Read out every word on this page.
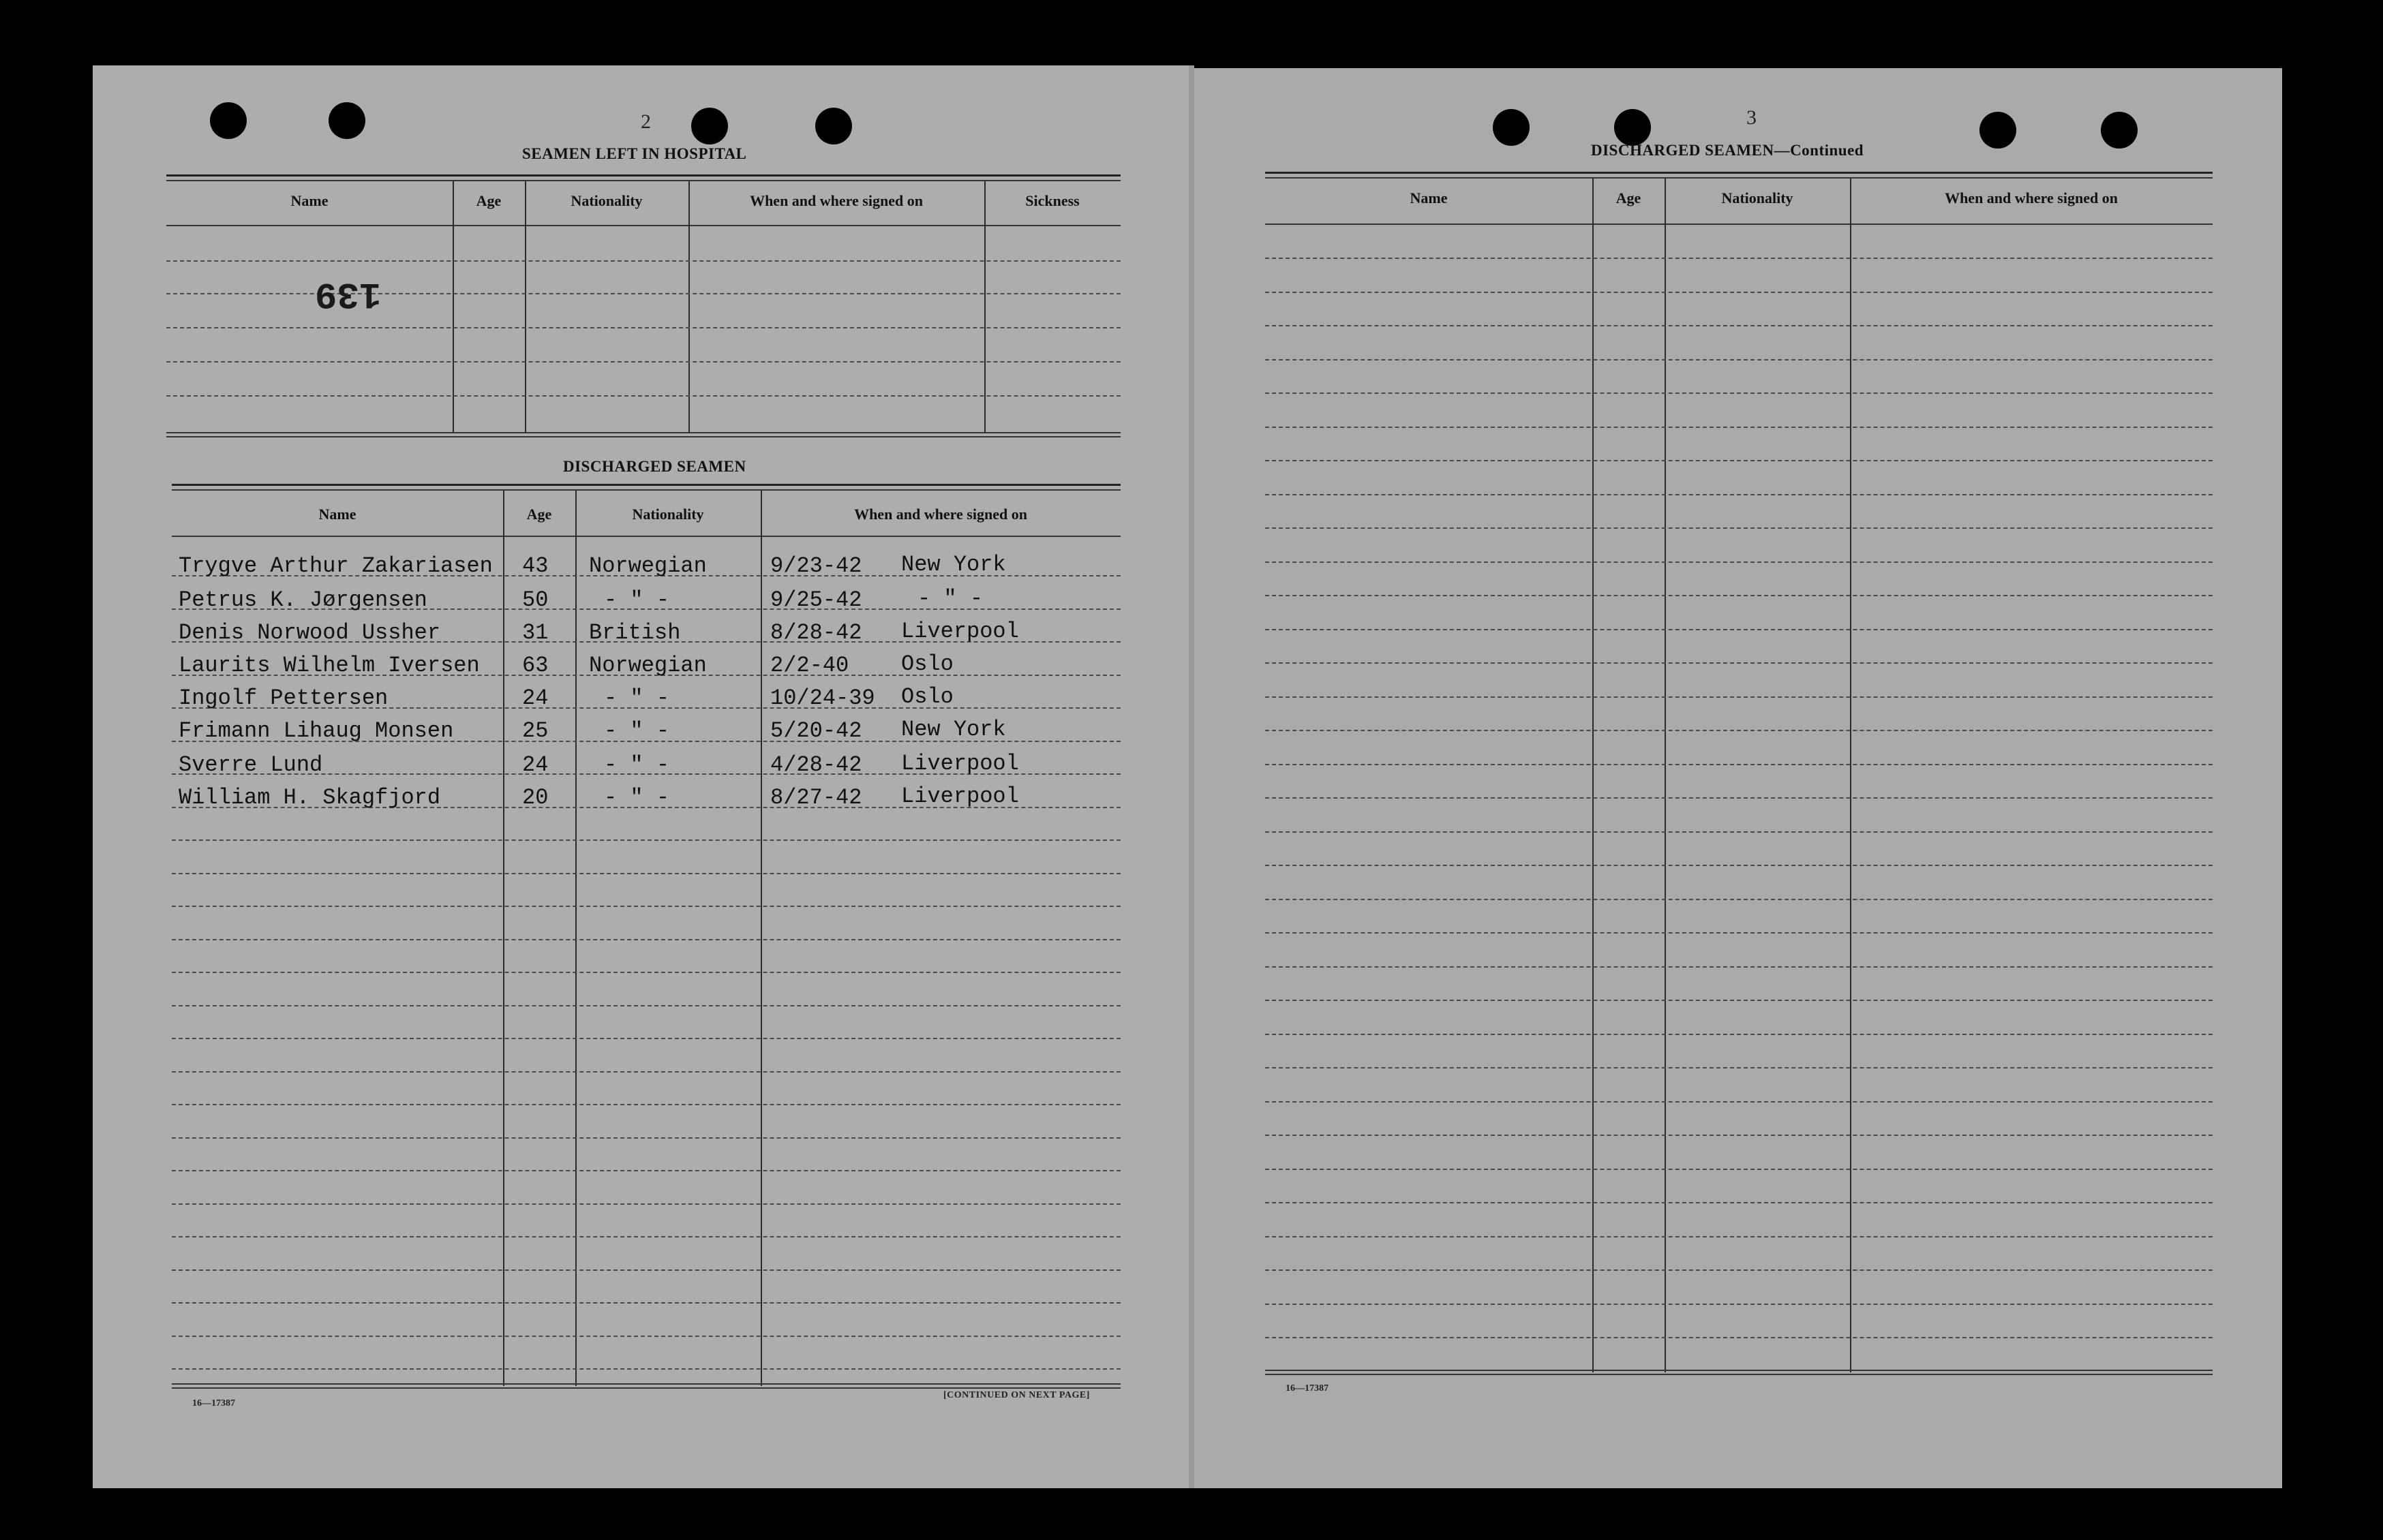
2
SEAMEN LEFT IN HOSPITAL
Name	Age	Nationality	When and where signed on	Sickness
139
DISCHARGED SEAMEN
Name	Age	Nationality	When and where signed on
Trygve Arthur Zakariasen 43 Norwegian	9/23-42 New York
Petrus K. Jørgensen	50	- " -	9/25-42	- " -
Denis Norwood Ussher	31 British	8/28-42 Liverpool
Laurits Wilhelm Iversen 63 Norwegian	2/2-40 Oslo
Ingolf Pettersen	24	- " -	10/24-39 Oslo
Frimann Lihaug Monsen	25	- " -	5/20-42 New York
Sverre Lund	24	- " -	4/28-42 Liverpool
William H. Skagfjord	20	- " -	8/27-42 Liverpool
16—17387
[CONTINUED ON NEXT PAGE]
3
DISCHARGED SEAMEN—Continued
Name	Age	Nationality	When and where signed on
16—17387
